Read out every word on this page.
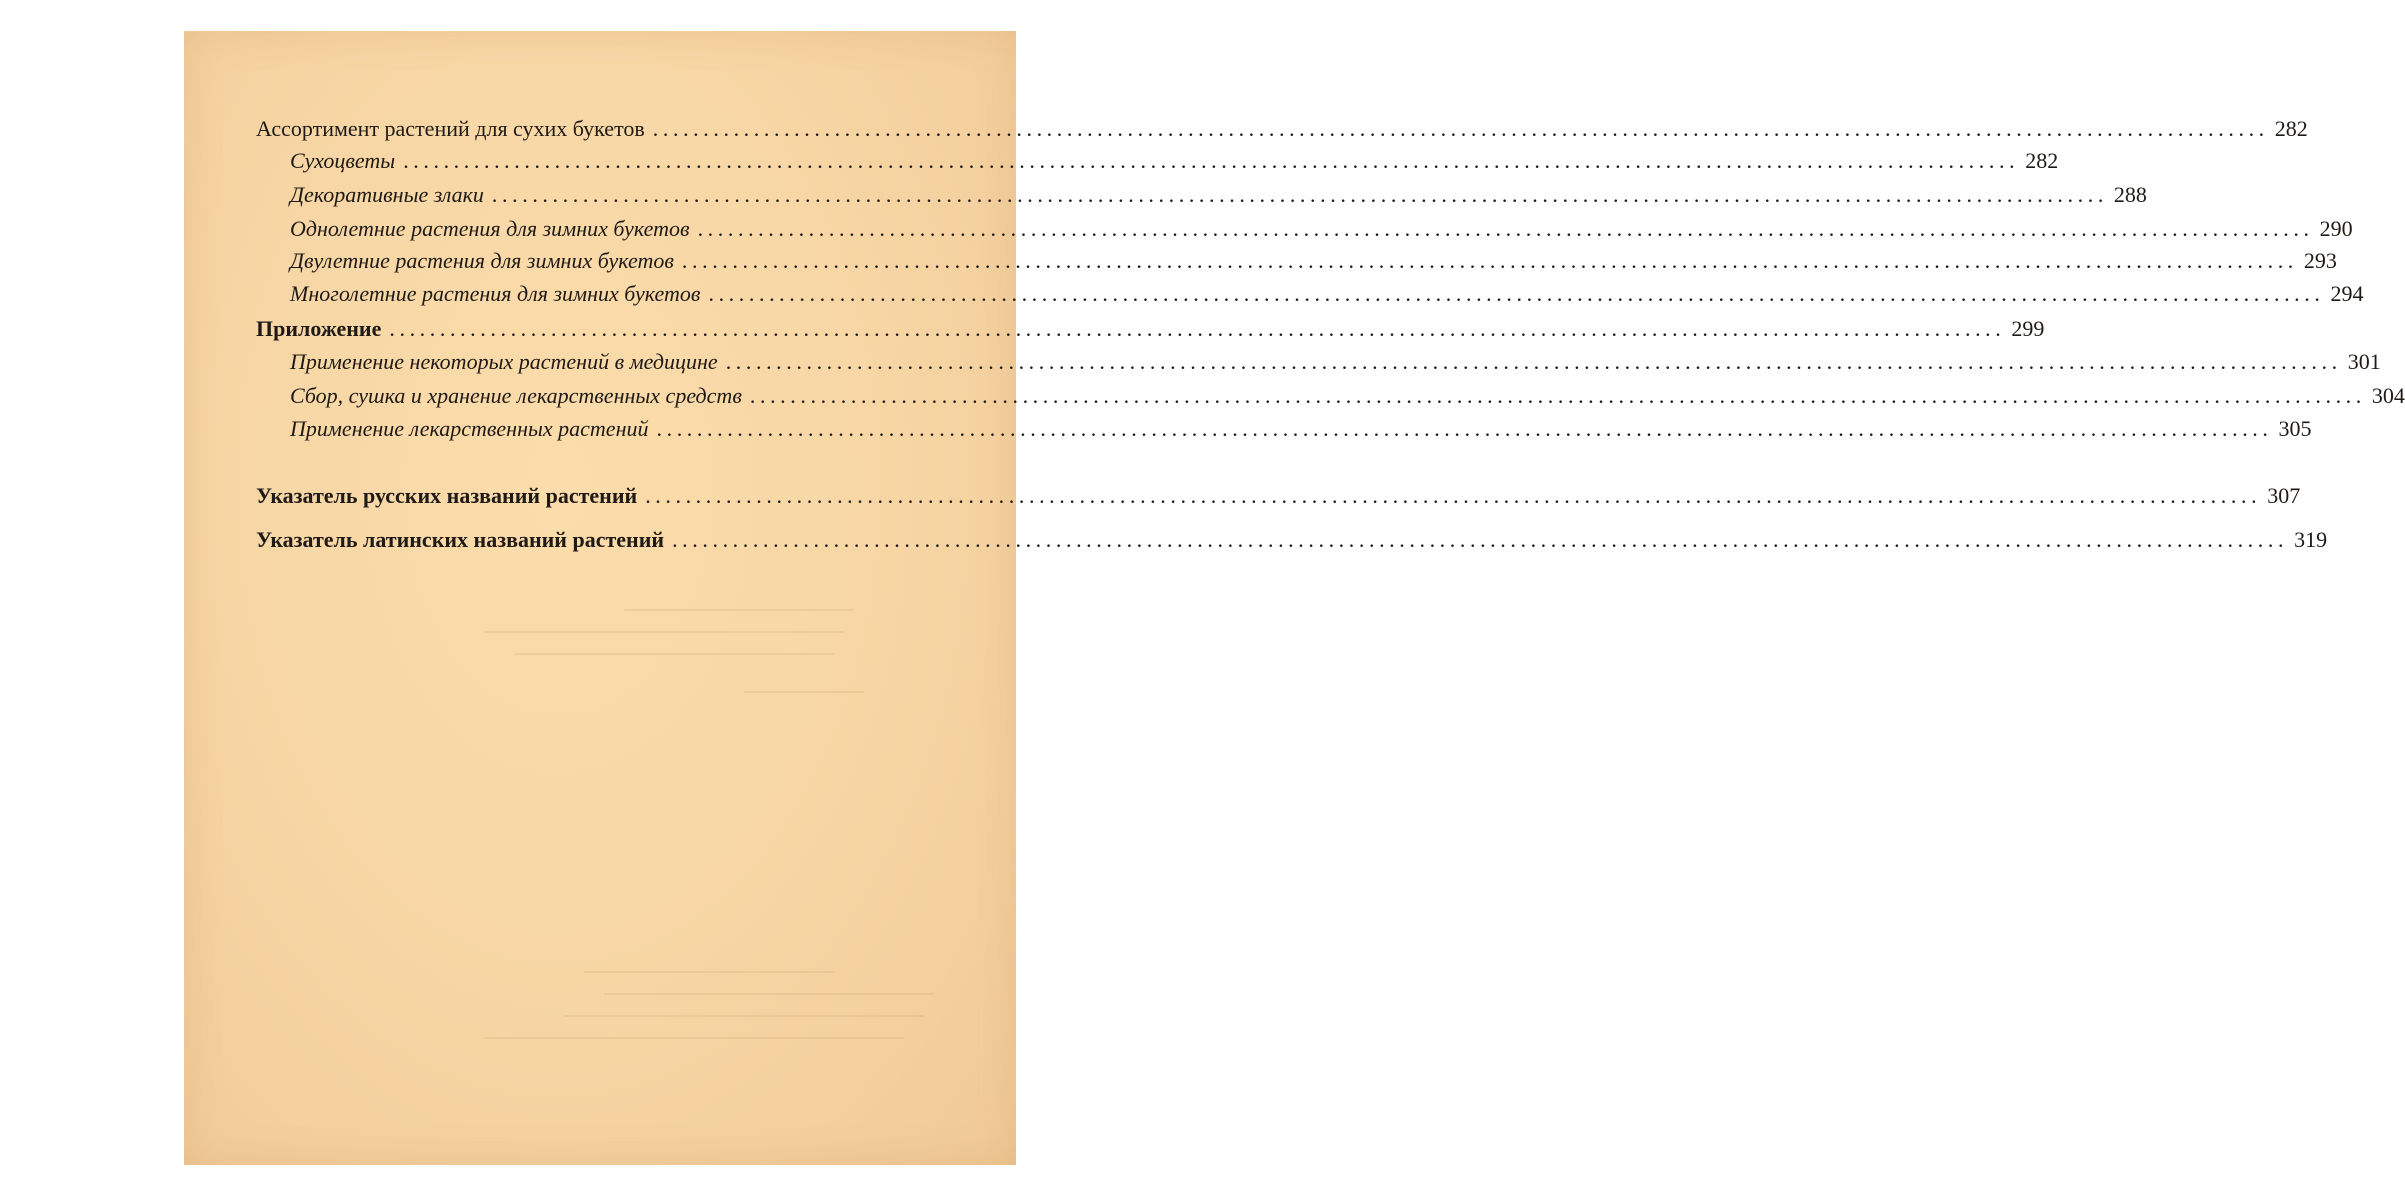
Ассортимент растений для сухих букетов ................................................................................................................................................................ 282
Сухоцветы ................................................................................................................................................................ 282
Декоративные злаки ................................................................................................................................................................ 288
Однолетние растения для зимних букетов ................................................................................................................................................................ 290
Двулетние растения для зимних букетов ................................................................................................................................................................ 293
Многолетние растения для зимних букетов ................................................................................................................................................................ 294
Приложение ................................................................................................................................................................ 299
Применение некоторых растений в медицине ................................................................................................................................................................ 301
Сбор, сушка и хранение лекарственных средств ................................................................................................................................................................ 304
Применение лекарственных растений ................................................................................................................................................................ 305
Указатель русских названий растений ................................................................................................................................................................ 307
Указатель латинских названий растений ................................................................................................................................................................ 319
